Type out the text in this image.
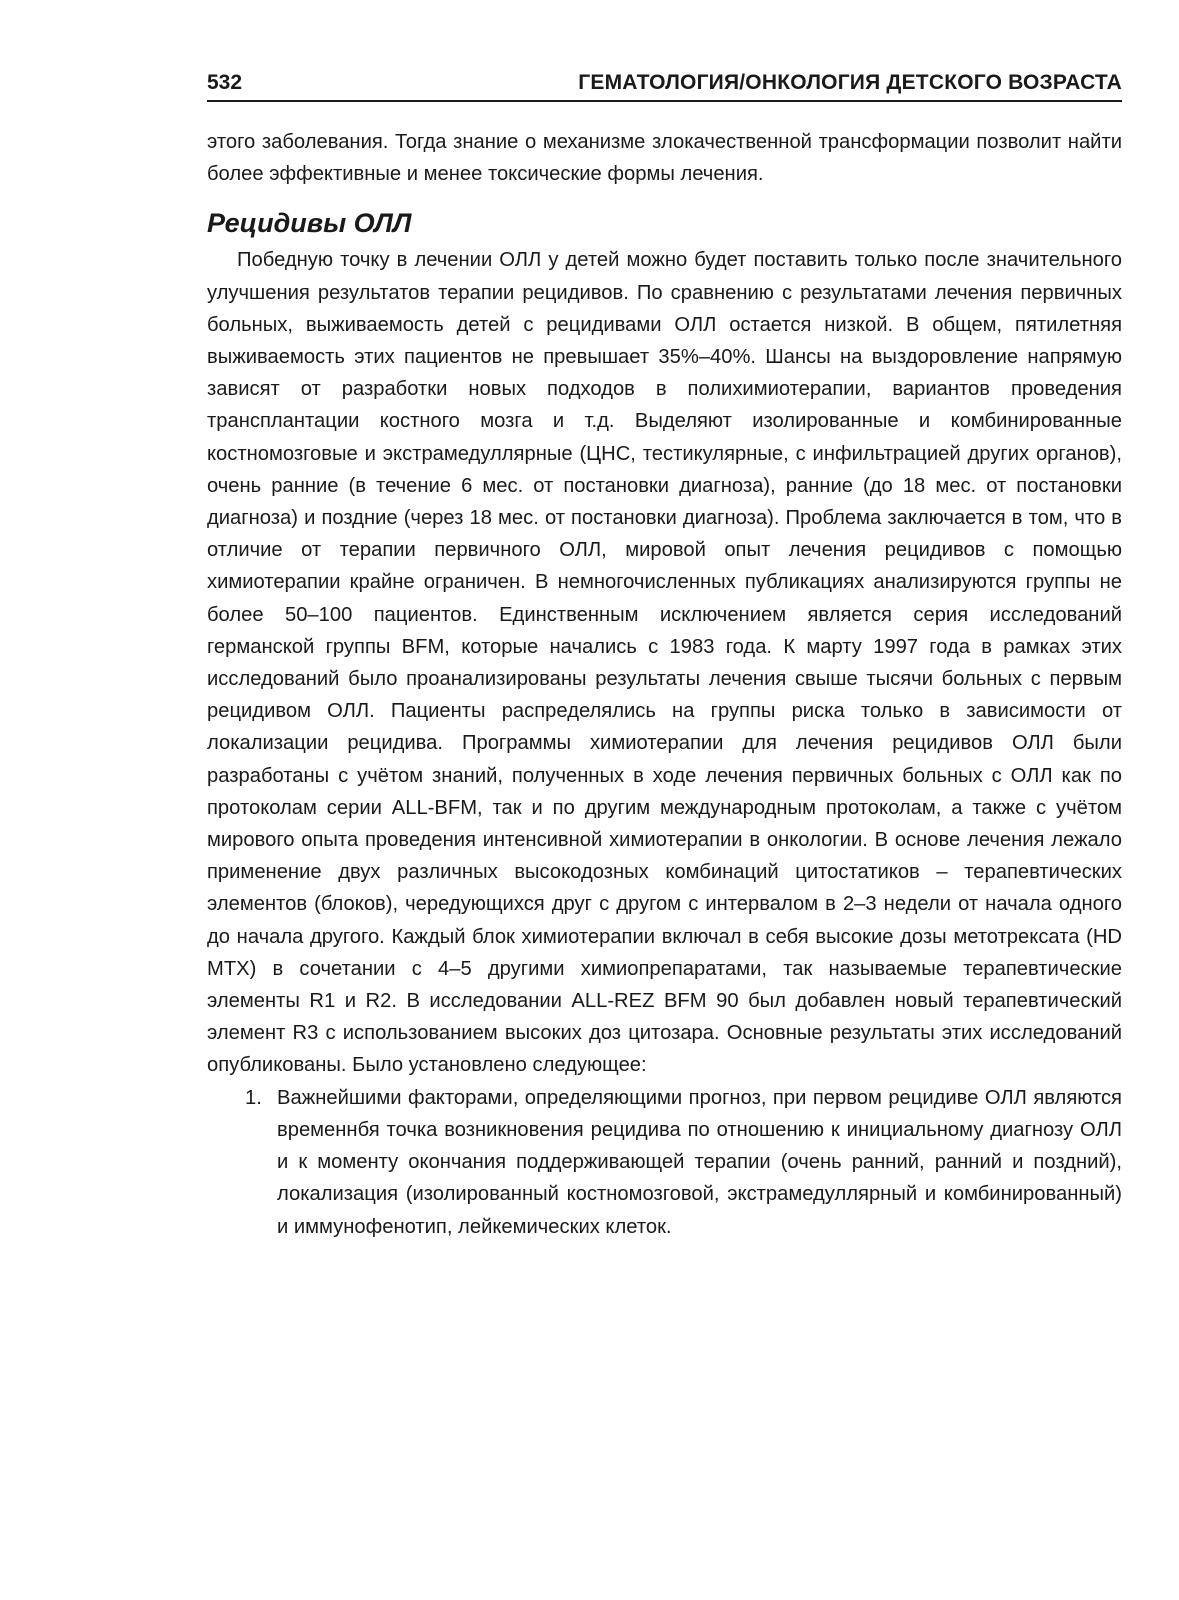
532	ГЕМАТОЛОГИЯ/ОНКОЛОГИЯ ДЕТСКОГО ВОЗРАСТА

этого заболевания. Тогда знание о механизме злокачественной трансформации позволит найти более эффективные и менее токсические формы лечения.

Рецидивы ОЛЛ

Победную точку в лечении ОЛЛ у детей можно будет поставить только после значительного улучшения результатов терапии рецидивов. По сравнению с результатами лечения первичных больных, выживаемость детей с рецидивами ОЛЛ остается низкой. В общем, пятилетняя выживаемость этих пациентов не превышает 35%–40%. Шансы на выздоровление напрямую зависят от разработки новых подходов в полихимиотерапии, вариантов проведения трансплантации костного мозга и т.д. Выделяют изолированные и комбинированные костномозговые и экстрамедуллярные (ЦНС, тестикулярные, с инфильтрацией других органов), очень ранние (в течение 6 мес. от постановки диагноза), ранние (до 18 мес. от постановки диагноза) и поздние (через 18 мес. от постановки диагноза). Проблема заключается в том, что в отличие от терапии первичного ОЛЛ, мировой опыт лечения рецидивов с помощью химиотерапии крайне ограничен. В немногочисленных публикациях анализируются группы не более 50–100 пациентов. Единственным исключением является серия исследований германской группы BFM, которые начались с 1983 года. К марту 1997 года в рамках этих исследований было проанализированы результаты лечения свыше тысячи больных с первым рецидивом ОЛЛ. Пациенты распределялись на группы риска только в зависимости от локализации рецидива. Программы химиотерапии для лечения рецидивов ОЛЛ были разработаны с учётом знаний, полученных в ходе лечения первичных больных с ОЛЛ как по протоколам серии ALL-BFM, так и по другим международным протоколам, а также с учётом мирового опыта проведения интенсивной химиотерапии в онкологии. В основе лечения лежало применение двух различных высокодозных комбинаций цитостатиков – терапевтических элементов (блоков), чередующихся друг с другом с интервалом в 2–3 недели от начала одного до начала другого. Каждый блок химиотерапии включал в себя высокие дозы метотрексата (HD MTX) в сочетании с 4–5 другими химиопрепаратами, так называемые терапевтические элементы R1 и R2. В исследовании ALL-REZ BFM 90 был добавлен новый терапевтический элемент R3 с использованием высоких доз цитозара. Основные результаты этих исследований опубликованы. Было установлено следующее:

1. Важнейшими факторами, определяющими прогноз, при первом рецидиве ОЛЛ являются временнбя точка возникновения рецидива по отношению к инициальному диагнозу ОЛЛ и к моменту окончания поддерживающей терапии (очень ранний, ранний и поздний), локализация (изолированный костномозговой, экстрамедуллярный и комбинированный) и иммунофенотип, лейкемических клеток.
